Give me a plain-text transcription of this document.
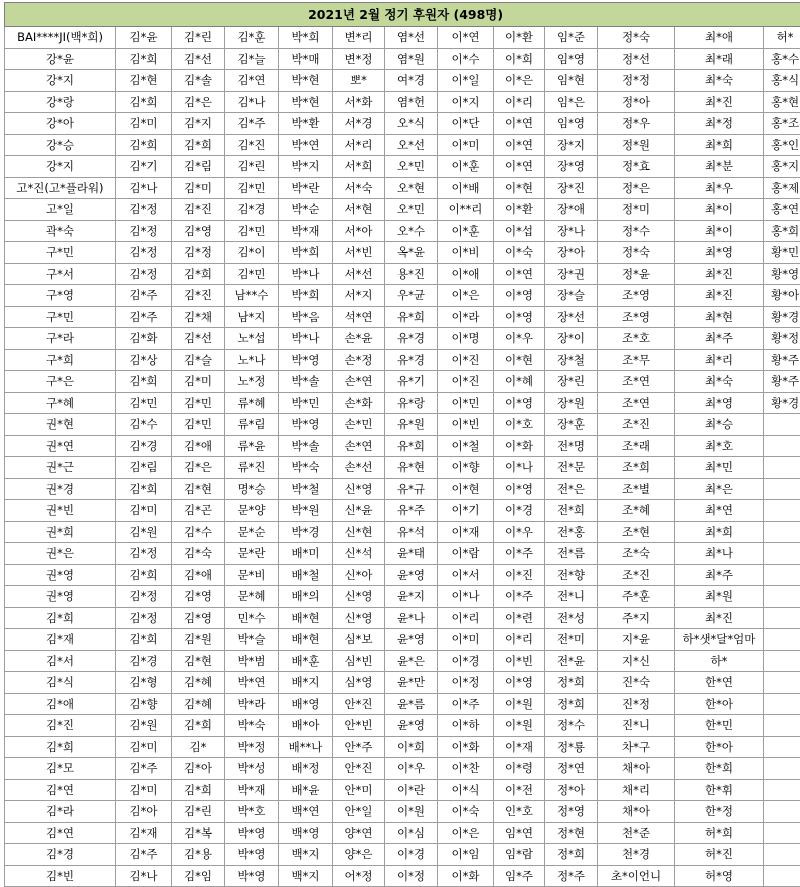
2021년 2월 정기 후원자 (498명)												
BAI****JI(백*희)	김*윤	김*린	김*훈	박*희	변*리	염*선	이*연	이*환	임*준	정*숙	최*애	허*
강*윤	김*희	김*선	김*늘	박*매	변*정	염*원	이*수	이*희	임*영	정*선	최*래	홍*수
강*지	김*현	김*솔	김*연	박*현	뽀*	여*경	이*일	이*은	임*현	정*정	최*숙	홍*식
강*랑	김*희	김*은	김*나	박*현	서*화	염*헌	이*지	이*리	임*은	정*아	최*진	홍*현
강*아	김*미	김*지	김*주	박*환	서*경	오*식	이*단	이*연	임*영	정*우	최*정	홍*조
강*승	김*희	김*희	김*진	박*연	서*리	오*선	이*미	이*연	장*지	정*원	최*희	홍*인
강*지	김*기	김*림	김*린	박*지	서*희	오*민	이*훈	이*연	장*영	정*효	최*분	홍*지
고*진(고*플라워)	김*나	김*미	김*민	박*란	서*숙	오*현	이*배	이*현	장*진	정*은	최*우	홍*제
고*일	김*정	김*진	김*경	박*순	서*현	오*민	이**리	이*환	장*애	정*미	최*이	홍*연
곽*숙	김*정	김*영	김*민	박*재	서*아	오*수	이*훈	이*섭	장*나	정*수	최*이	홍*희
구*민	김*정	김*정	김*이	박*희	서*빈	옥*윤	이*비	이*숙	장*아	정*숙	최*영	황*민
구*서	김*정	김*희	김*민	박*나	서*선	용*진	이*애	이*연	장*권	정*윤	최*진	황*영
구*영	김*주	김*진	남**수	박*희	서*지	우*균	이*은	이*영	장*슬	조*영	최*진	황*아
구*민	김*주	김*채	남*지	박*음	석*연	유*희	이*라	이*영	장*선	조*영	최*현	황*경
구*라	김*화	김*선	노*섭	박*나	손*윤	유*경	이*명	이*우	장*이	조*호	최*주	황*정
구*희	김*상	김*슬	노*나	박*영	손*정	유*경	이*진	이*현	장*철	조*무	최*리	황*주
구*은	김*희	김*미	노*정	박*솔	손*연	유*기	이*진	이*혜	장*린	조*연	최*숙	황*주
구*혜	김*민	김*민	류*혜	박*민	손*화	유*랑	이*민	이*영	장*원	조*연	최*영	황*경
권*현	김*수	김*민	류*림	박*영	손*민	유*원	이*빈	이*호	장*훈	조*진	최*승	
권*연	김*경	김*애	류*윤	박*솔	손*연	유*희	이*철	이*화	전*명	조*래	최*호	
권*근	김*림	김*은	류*진	박*숙	손*선	유*현	이*향	이*나	전*문	조*희	최*민	
권*경	김*희	김*현	명*승	박*철	신*영	유*규	이*현	이*영	전*은	조*별	최*은	
권*빈	김*미	김*곤	문*양	박*원	신*윤	유*주	이*기	이*경	전*희	조*혜	최*연	
권*희	김*원	김*수	문*순	박*경	신*현	유*석	이*재	이*우	전*홍	조*현	최*희	
권*은	김*정	김*숙	문*란	배*미	신*석	윤*태	이*람	이*주	전*름	조*숙	최*나	
권*영	김*희	김*애	문*비	배*철	신*아	윤*영	이*서	이*진	전*향	조*진	최*주	
권*영	김*정	김*영	문*혜	배*의	신*영	윤*지	이*나	이*주	전*니	주*훈	최*원	
김*희	김*정	김*영	민*수	배*현	신*영	윤*나	이*리	이*련	전*성	주*지	최*진	
김*재	김*희	김*원	박*슬	배*현	심*보	윤*영	이*미	이*리	전*미	지*윤	하*샛*달*엄마	
김*서	김*경	김*현	박*범	배*훈	심*빈	윤*은	이*경	이*빈	전*윤	지*신	하*	
김*식	김*형	김*혜	박*연	배*지	심*영	윤*만	이*정	이*영	정*희	진*숙	한*연	
김*애	김*향	김*혜	박*라	배*영	안*진	윤*름	이*주	이*원	정*희	진*정	한*아	
김*진	김*원	김*희	박*숙	배*아	안*빈	윤*영	이*하	이*원	정*수	진*니	한*민	
김*희	김*미	김*	박*정	배**나	안*주	이*희	이*화	이*재	정*룡	차*구	한*아	
김*모	김*주	김*아	박*성	배*정	안*진	이*우	이*찬	이*령	정*연	채*아	한*희	
김*연	김*미	김*희	박*재	배*윤	안*미	이*란	이*식	이*전	정*아	채*리	한*휘	
김*라	김*아	김*린	박*호	백*연	안*일	이*원	이*숙	인*호	정*영	채*아	한*정	
김*연	김*재	김*복	박*영	백*영	양*연	이*심	이*은	임*연	정*현	천*준	허*희	
김*경	김*주	김*용	박*영	백*지	양*은	이*경	이*임	임*람	정*희	천*경	허*진	
김*빈	김*나	김*임	박*영	백*지	어*정	이*정	이*화	임*주	정*주	초*이언니	허*영	
